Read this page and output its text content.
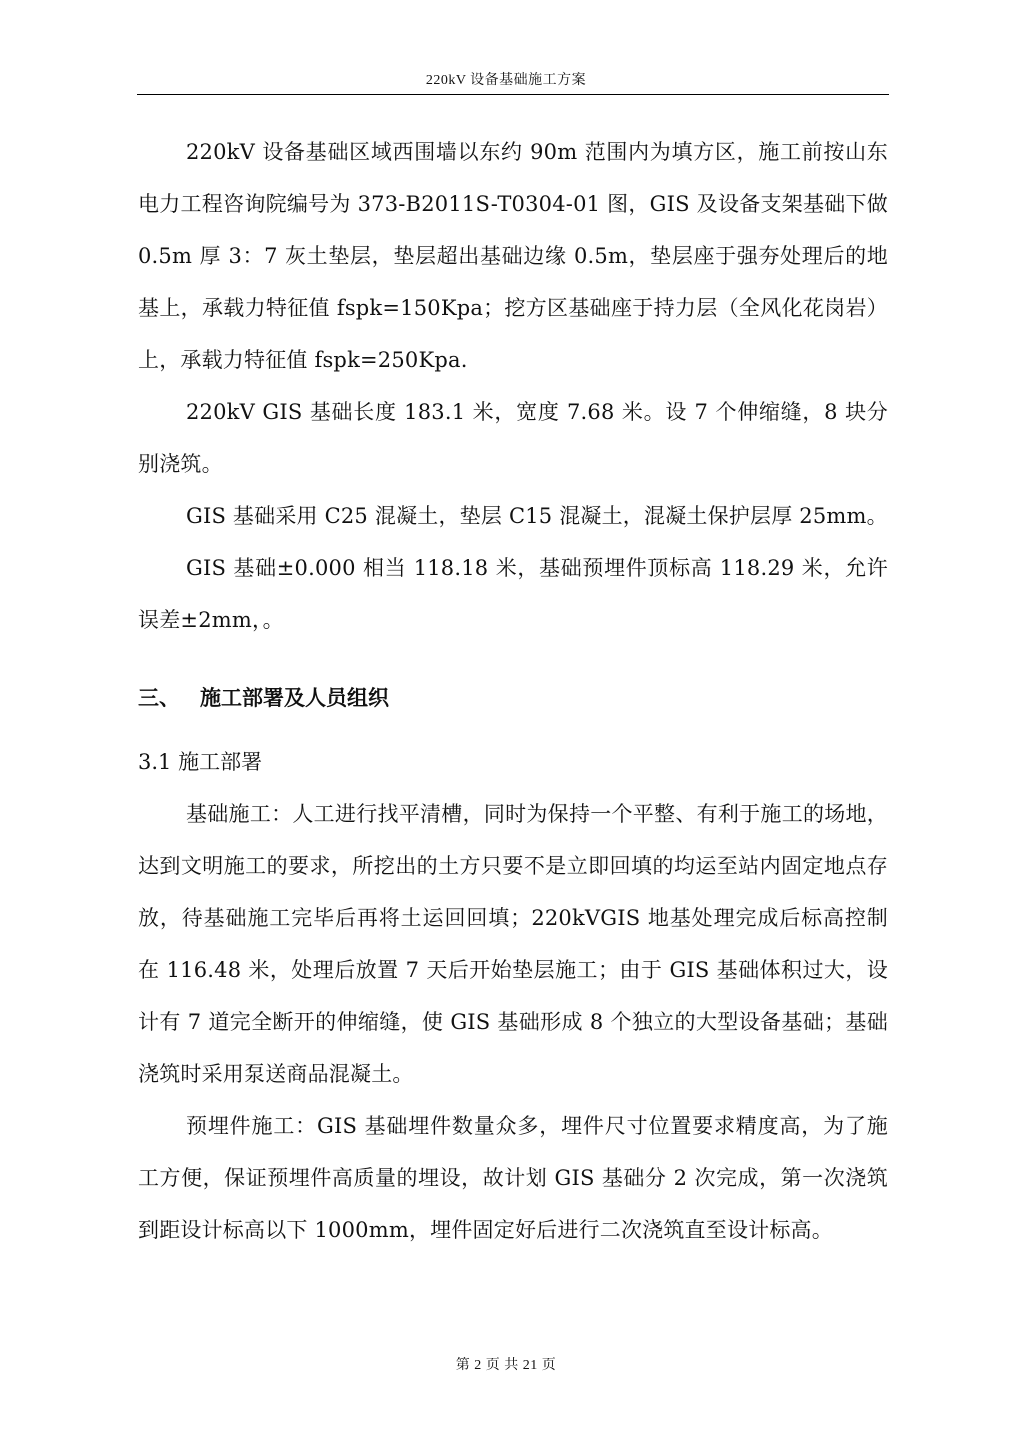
220kV 设备基础施工方案

220kV 设备基础区域西围墙以东约 90m 范围内为填方区，施工前按山东电力工程咨询院编号为 373-B2011S-T0304-01 图，GIS 及设备支架基础下做 0.5m 厚 3：7 灰土垫层，垫层超出基础边缘 0.5m，垫层座于强夯处理后的地基上，承载力特征值 fspk=150Kpa；挖方区基础座于持力层（全风化花岗岩）上，承载力特征值 fspk=250Kpa.

220kV GIS 基础长度 183.1 米，宽度 7.68 米。设 7 个伸缩缝，8 块分别浇筑。

GIS 基础采用 C25 混凝土，垫层 C15 混凝土，混凝土保护层厚 25mm。

GIS 基础±0.000 相当 118.18 米，基础预埋件顶标高 118.29 米，允许误差±2mm，。

三、 施工部署及人员组织
3.1 施工部署

基础施工：人工进行找平清槽，同时为保持一个平整、有利于施工的场地，达到文明施工的要求，所挖出的土方只要不是立即回填的均运至站内固定地点存放，待基础施工完毕后再将土运回回填；220kVGIS 地基处理完成后标高控制在 116.48 米，处理后放置 7 天后开始垫层施工；由于 GIS 基础体积过大，设计有 7 道完全断开的伸缩缝，使 GIS 基础形成 8 个独立的大型设备基础；基础浇筑时采用泵送商品混凝土。

预埋件施工：GIS 基础埋件数量众多，埋件尺寸位置要求精度高，为了施工方便，保证预埋件高质量的埋设，故计划 GIS 基础分 2 次完成，第一次浇筑到距设计标高以下 1000mm，埋件固定好后进行二次浇筑直至设计标高。

第 2 页 共 21 页
